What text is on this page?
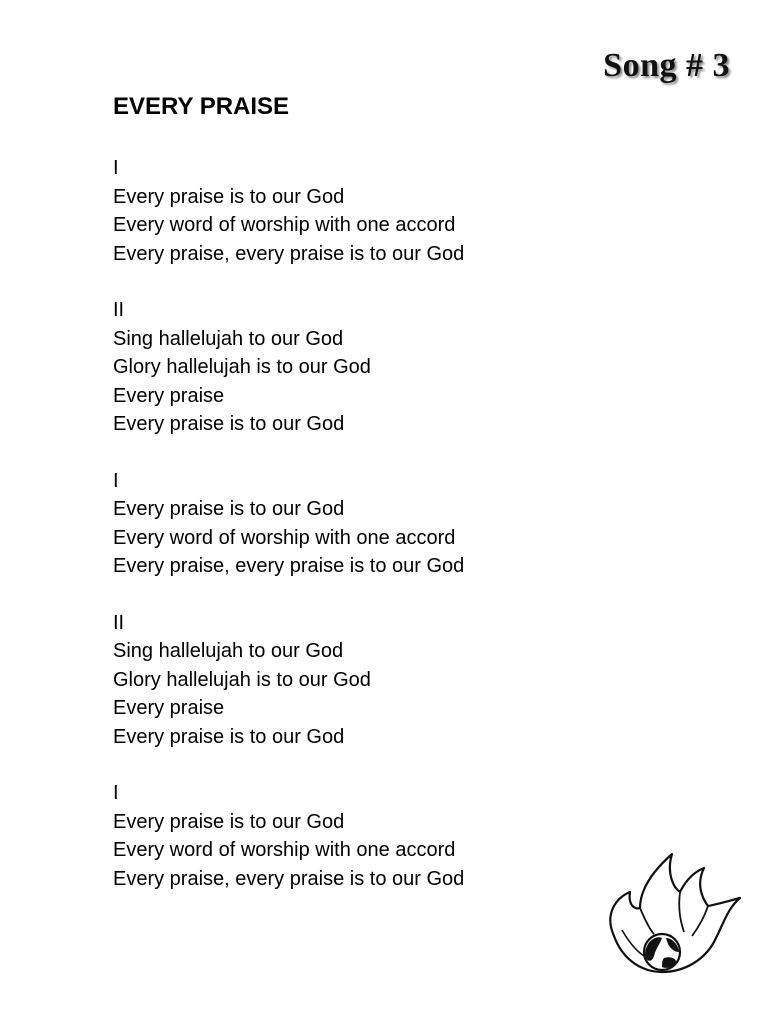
Song # 3
EVERY PRAISE
I
Every praise is to our God
Every word of worship with one accord
Every praise, every praise is to our God
II
Sing hallelujah to our God
Glory hallelujah is to our God
Every praise
Every praise is to our God
I
Every praise is to our God
Every word of worship with one accord
Every praise, every praise is to our God
II
Sing hallelujah to our God
Glory hallelujah is to our God
Every praise
Every praise is to our God
I
Every praise is to our God
Every word of worship with one accord
Every praise, every praise is to our God
